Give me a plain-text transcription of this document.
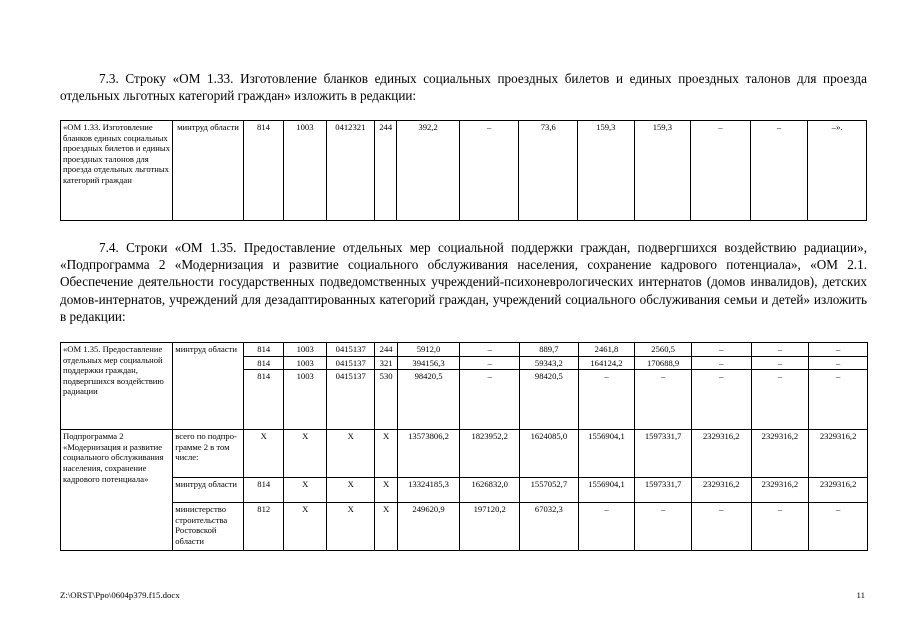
7.3. Строку «ОМ 1.33. Изготовление бланков единых социальных проездных билетов и единых проездных талонов для проезда отдельных льготных категорий граждан» изложить в редакции:

«ОМ 1.33. Изготовление бланков единых социальных проездных билетов и единых проездных талонов для проезда отдельных льготных категорий граждан	минтруд области	814	1003	0412321	244	392,2	–	73,6	159,3	159,3	–	–	–».

7.4. Строки «ОМ 1.35. Предоставление отдельных мер социальной поддержки граждан, подвергшихся воздействию радиации», «Подпрограмма 2 «Модернизация и развитие социального обслуживания населения, сохранение кадрового потенциала», «ОМ 2.1. Обеспечение деятельности государственных подведомственных учреждений-психоневрологических интернатов (домов инвалидов), детских домов-интернатов, учреждений для дезадаптированных категорий граждан, учреждений социального обслуживания семьи и детей» изложить в редакции:

«ОМ 1.35. Предоставление отдельных мер социальной поддержки граждан, подвергшихся воздействию радиации	минтруд области	814	1003	0415137	244	5912,0	–	889,7	2461,8	2560,5	–	–	–
		814	1003	0415137	321	394156,3	–	59343,2	164124,2	170688,9	–	–	–
		814	1003	0415137	530	98420,5	–	98420,5	–	–	–	–	–
Подпрограмма 2 «Модернизация и развитие социального обслуживания населения, сохранение кадрового потенциала»	всего по подпро-грамме 2 в том числе:	X	X	X	X	13573806,2	1823952,2	1624085,0	1556904,1	1597331,7	2329316,2	2329316,2	2329316,2
	минтруд области	814	X	X	X	13324185,3	1626832,0	1557052,7	1556904,1	1597331,7	2329316,2	2329316,2	2329316,2
	министерство строительства Ростовской области	812	X	X	X	249620,9	197120,2	67032,3	–	–	–	–	–
Z:\ORST\Ppo\0604p379.f15.docx	11
